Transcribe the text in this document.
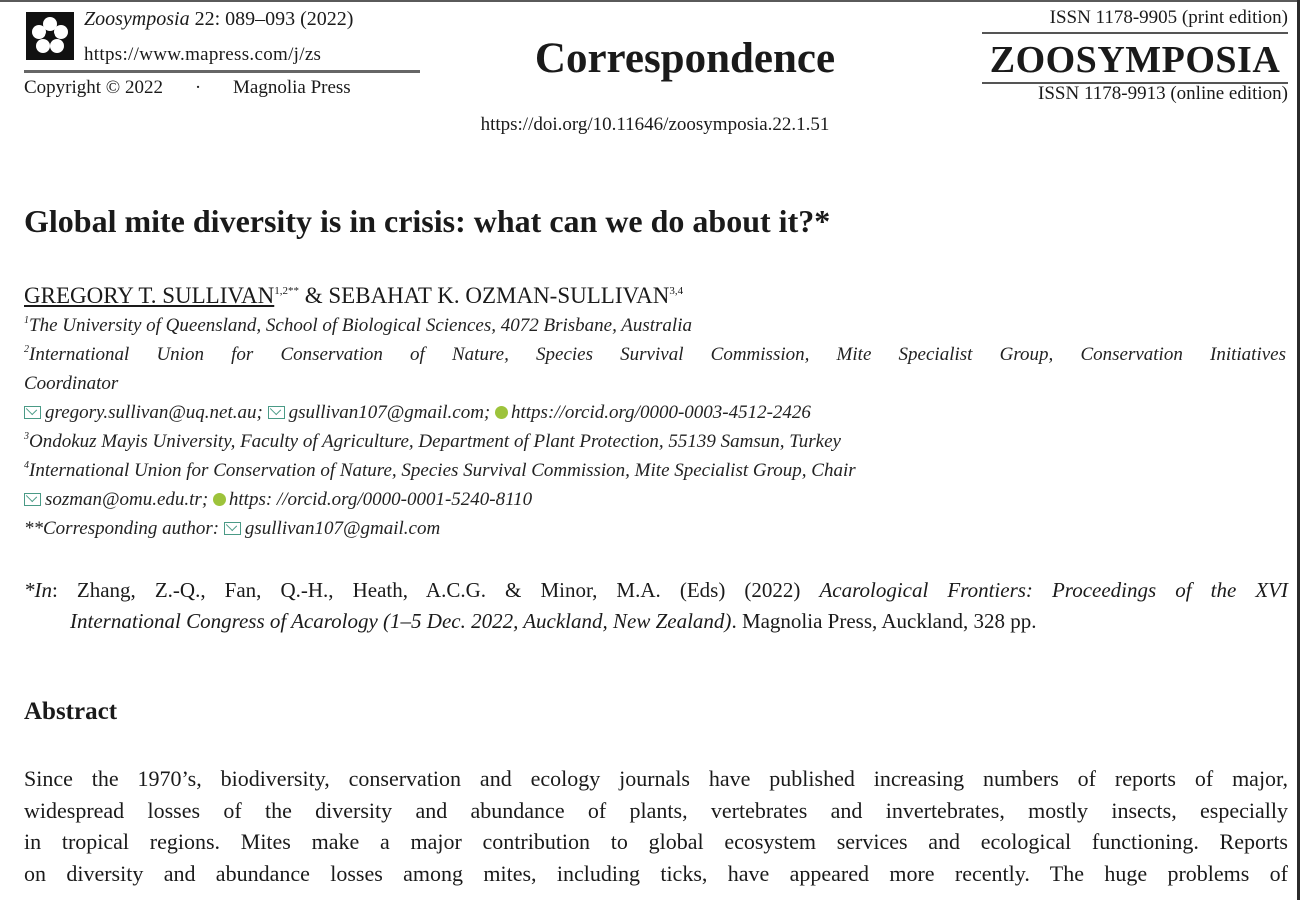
Zoosymposia 22: 089–093 (2022)
https://www.mapress.com/j/zs
Copyright © 2022 · Magnolia Press
Correspondence
https://doi.org/10.11646/zoosymposia.22.1.51
ISSN 1178-9905 (print edition)
ZOOSYMPOSIA
ISSN 1178-9913 (online edition)
Global mite diversity is in crisis: what can we do about it?*
GREGORY T. $SULLIVAN^{1,2**}$ & SEBAHAT K. OZMAN-SULLIVAN$^{3,4}$
$^1$The University of Queensland, School of Biological Sciences, 4072 Brisbane, Australia
$^2$International Union for Conservation of Nature, Species Survival Commission, Mite Specialist Group, Conservation Initiatives
Coordinator
gregory.sullivan@uq.net.au; gsullivan107@gmail.com; https://orcid.org/0000-0003-4512-2426
$^3$Ondokuz Mayis University, Faculty of Agriculture, Department of Plant Protection, 55139 Samsun, Turkey
$^4$International Union for Conservation of Nature, Species Survival Commission, Mite Specialist Group, Chair
sozman@omu.edu.tr; https: //orcid.org/0000-0001-5240-8110
**Corresponding author: gsullivan107@gmail.com
*In: Zhang, Z.-Q., Fan, Q.-H., Heath, A.C.G. & Minor, M.A. (Eds) (2022) Acarological Frontiers: Proceedings of the XVI
International Congress of Acarology (1–5 Dec. 2022, Auckland, New Zealand). Magnolia Press, Auckland, 328 pp.
Abstract
Since the 1970’s, biodiversity, conservation and ecology journals have published increasing numbers of reports of major,
widespread losses of the diversity and abundance of plants, vertebrates and invertebrates, mostly insects, especially
in tropical regions. Mites make a major contribution to global ecosystem services and ecological functioning. Reports
on diversity and abundance losses among mites, including ticks, have appeared more recently. The huge problems of
